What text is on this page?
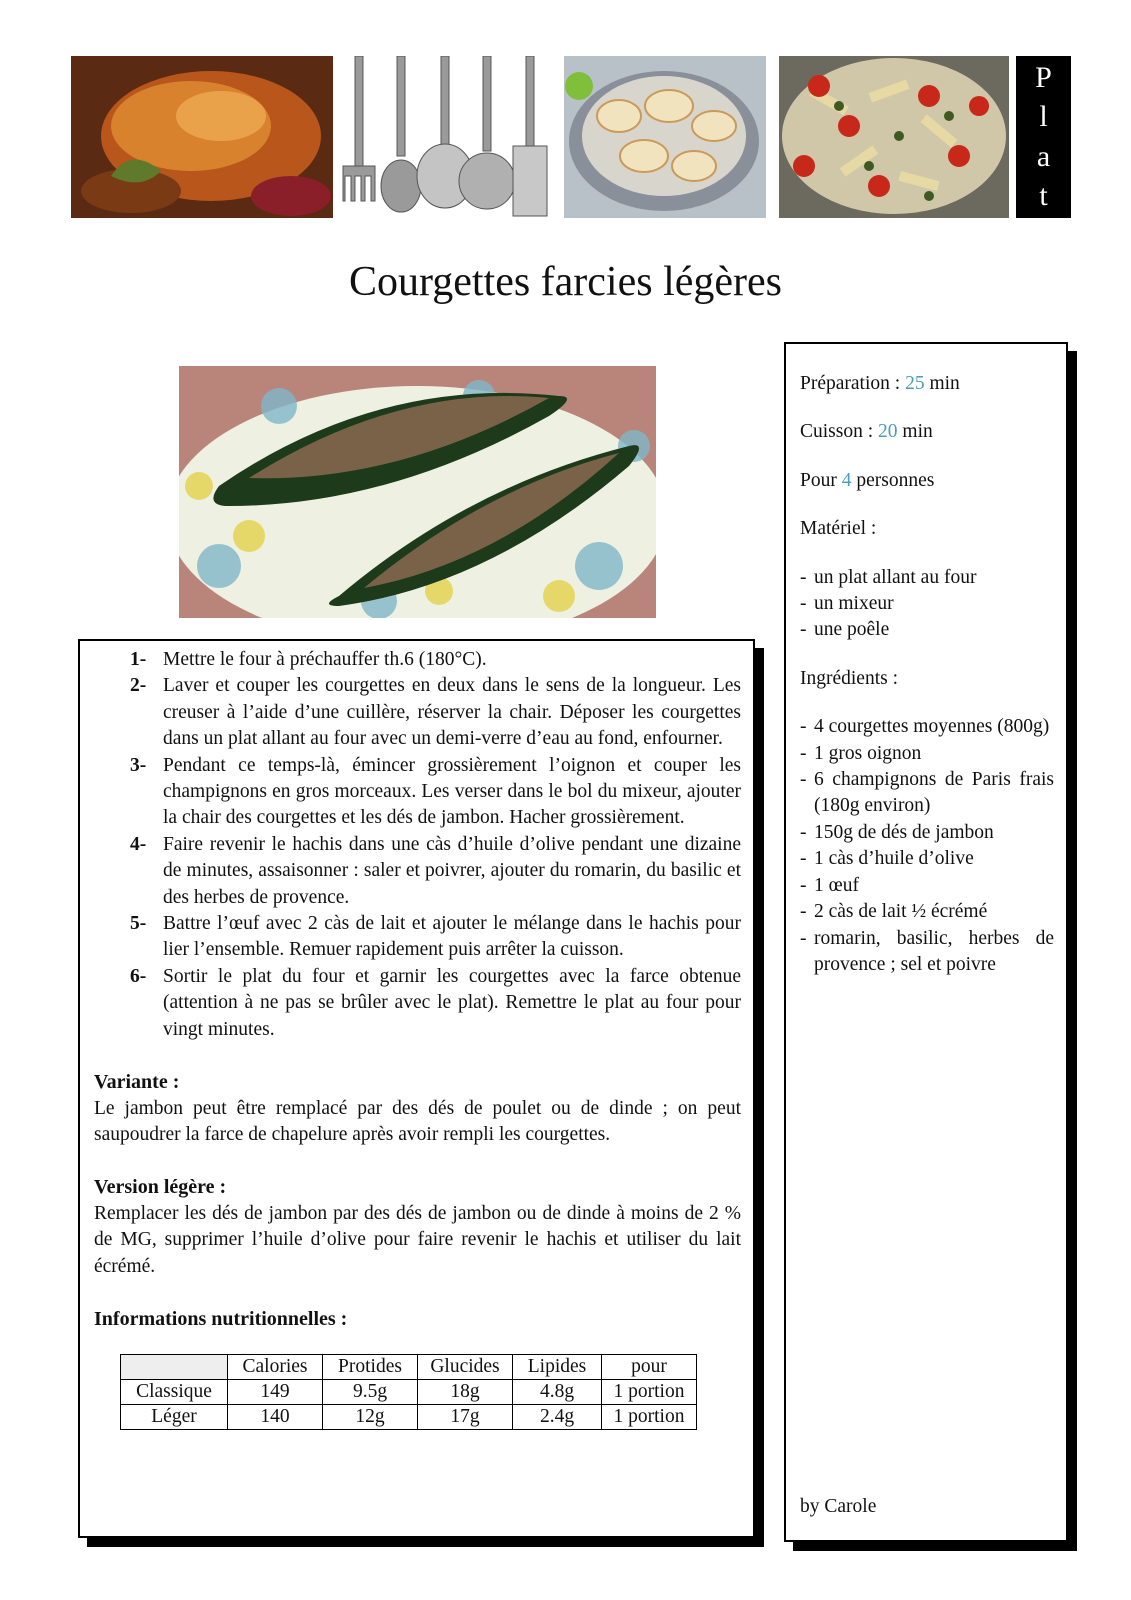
P
l
a
t
Courgettes farcies légères
1- Mettre le four à préchauffer th.6 (180°C).
2- Laver et couper les courgettes en deux dans le sens de la longueur. Les creuser à l’aide d’une cuillère, réserver la chair. Déposer les courgettes dans un plat allant au four avec un demi-verre d’eau au fond, enfourner.
3- Pendant ce temps-là, émincer grossièrement l’oignon et couper les champignons en gros morceaux. Les verser dans le bol du mixeur, ajouter la chair des courgettes et les dés de jambon. Hacher grossièrement.
4- Faire revenir le hachis dans une càs d’huile d’olive pendant une dizaine de minutes, assaisonner : saler et poivrer, ajouter du romarin, du basilic et des herbes de provence.
5- Battre l’œuf avec 2 càs de lait et ajouter le mélange dans le hachis pour lier l’ensemble. Remuer rapidement puis arrêter la cuisson.
6- Sortir le plat du four et garnir les courgettes avec la farce obtenue (attention à ne pas se brûler avec le plat). Remettre le plat au four pour vingt minutes.
Variante :
Le jambon peut être remplacé par des dés de poulet ou de dinde ; on peut saupoudrer la farce de chapelure après avoir rempli les courgettes.
Version légère :
Remplacer les dés de jambon par des dés de jambon ou de dinde à moins de 2 % de MG, supprimer l’huile d’olive pour faire revenir le hachis et utiliser du lait écrémé.
Informations nutritionnelles :
	Calories	Protides	Glucides	Lipides	pour
Classique	149	9.5g	18g	4.8g	1 portion
Léger	140	12g	17g	2.4g	1 portion

Préparation : 25 min

Cuisson : 20 min

Pour 4 personnes

Matériel :

- un plat allant au four
- un mixeur
- une poêle

Ingrédients :

- 4 courgettes moyennes (800g)
- 1 gros oignon
- 6 champignons de Paris frais (180g environ)
- 150g de dés de jambon
- 1 càs d’huile d’olive
- 1 œuf
- 2 càs de lait ½ écrémé
- romarin, basilic, herbes de provence ; sel et poivre
by Carole
